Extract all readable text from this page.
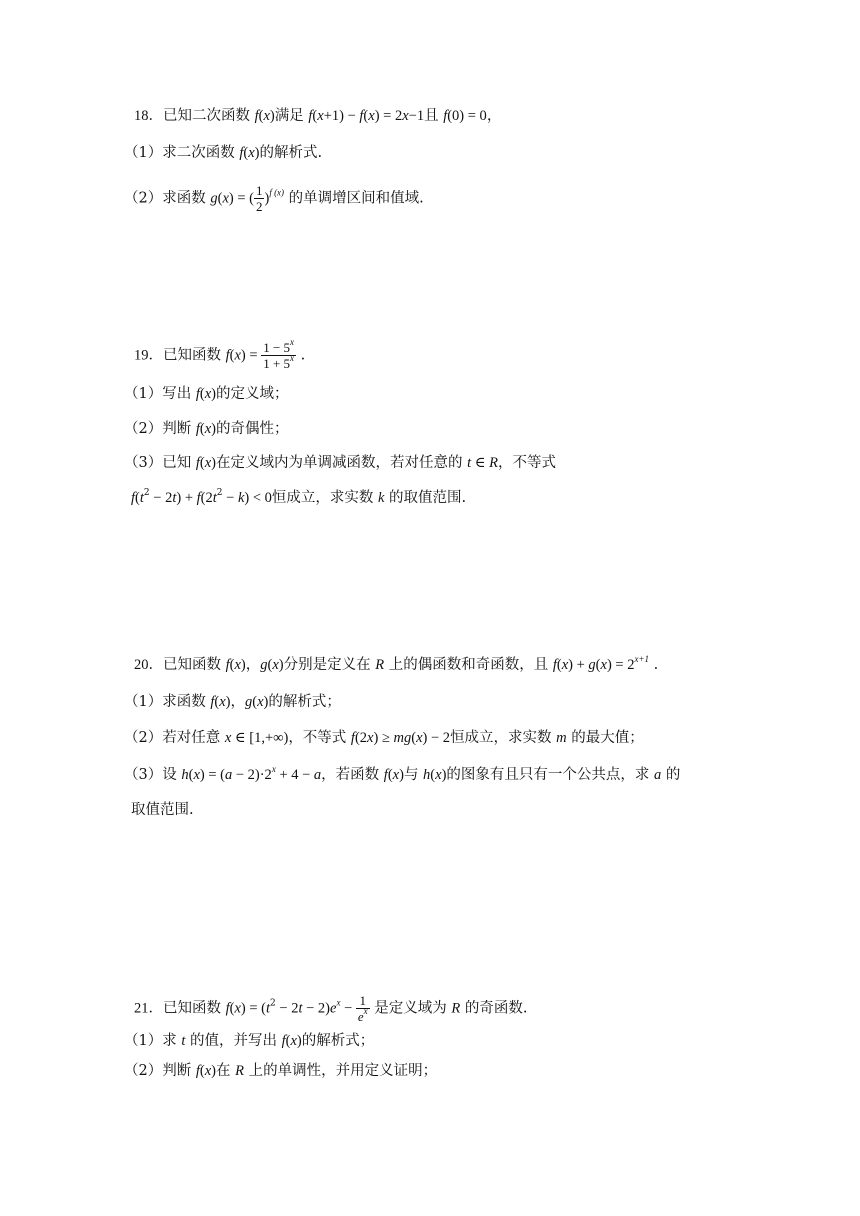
18．已知二次函数 f(x)满足 f(x+1) − f(x) = 2x−1且 f(0) = 0，
（1）求二次函数 f(x)的解析式.
（2）求函数 g(x) = ( $\frac{1}{2} )^{f (x)}$ 的单调增区间和值域.
19．已知函数 $f(x) = \frac{1 - 5^x}{1 + 5^x}$ .
（1）写出 f(x)的定义域；
（2）判断 f(x)的奇偶性；
（3）已知 f(x)在定义域内为单调减函数，若对任意的 t ∈ R，不等式
$f(t^2 - 2t) + f(2t^2 - k) < 0$恒成立，求实数 k 的取值范围.
20．已知函数 f(x)，g(x)分别是定义在 R 上的偶函数和奇函数，且 $f(x) + g(x) = 2^{x+1}$ .
（1）求函数 f(x)，g(x)的解析式；
（2）若对任意 x ∈ [1,+∞)，不等式 f(2x) ≥ mg(x) − 2恒成立，求实数 m 的最大值；
（3）设 $h(x) = (a - 2)\cdot 2^x + 4 - a$，若函数 f(x)与 h(x)的图象有且只有一个公共点，求 a 的
取值范围.
21．已知函数 $f(x) = (t^2 - 2t - 2)e^x - \frac{1}{e^x}$ 是定义域为 R 的奇函数.
（1）求 t 的值，并写出 f(x)的解析式；
（2）判断 f(x)在 R 上的单调性，并用定义证明；
